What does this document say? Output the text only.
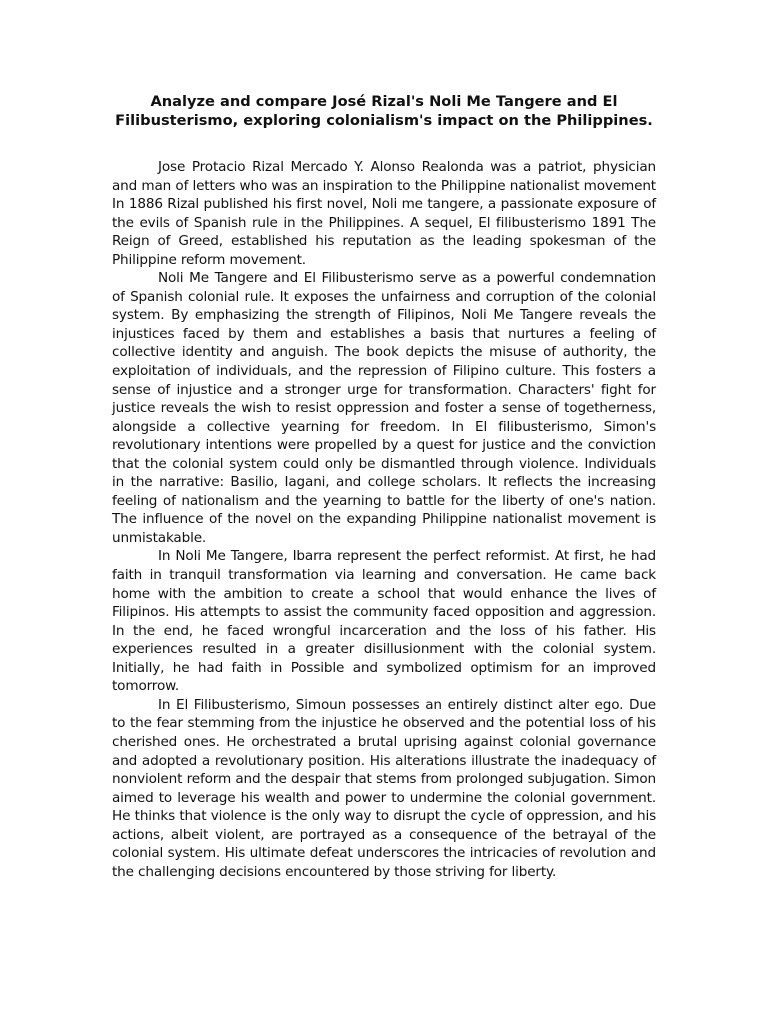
Analyze and compare José Rizal's Noli Me Tangere and El
Filibusterismo, exploring colonialism's impact on the Philippines.

Jose Protacio Rizal Mercado Y. Alonso Realonda was a patriot, physician and man of letters who was an inspiration to the Philippine nationalist movement In 1886 Rizal published his first novel, Noli me tangere, a passionate exposure of the evils of Spanish rule in the Philippines. A sequel, El filibusterismo 1891 The Reign of Greed, established his reputation as the leading spokesman of the Philippine reform movement.

Noli Me Tangere and El Filibusterismo serve as a powerful condemnation of Spanish colonial rule. It exposes the unfairness and corruption of the colonial system. By emphasizing the strength of Filipinos, Noli Me Tangere reveals the injustices faced by them and establishes a basis that nurtures a feeling of collective identity and anguish. The book depicts the misuse of authority, the exploitation of individuals, and the repression of Filipino culture. This fosters a sense of injustice and a stronger urge for transformation. Characters' fight for justice reveals the wish to resist oppression and foster a sense of togetherness, alongside a collective yearning for freedom. In El filibusterismo, Simon's revolutionary intentions were propelled by a quest for justice and the conviction that the colonial system could only be dismantled through violence. Individuals in the narrative: Basilio, Iagani, and college scholars. It reflects the increasing feeling of nationalism and the yearning to battle for the liberty of one's nation. The influence of the novel on the expanding Philippine nationalist movement is unmistakable.

In Noli Me Tangere, Ibarra represent the perfect reformist. At first, he had faith in tranquil transformation via learning and conversation. He came back home with the ambition to create a school that would enhance the lives of Filipinos. His attempts to assist the community faced opposition and aggression. In the end, he faced wrongful incarceration and the loss of his father. His experiences resulted in a greater disillusionment with the colonial system. Initially, he had faith in Possible and symbolized optimism for an improved tomorrow.

In El Filibusterismo, Simoun possesses an entirely distinct alter ego. Due to the fear stemming from the injustice he observed and the potential loss of his cherished ones. He orchestrated a brutal uprising against colonial governance and adopted a revolutionary position. His alterations illustrate the inadequacy of nonviolent reform and the despair that stems from prolonged subjugation. Simon aimed to leverage his wealth and power to undermine the colonial government. He thinks that violence is the only way to disrupt the cycle of oppression, and his actions, albeit violent, are portrayed as a consequence of the betrayal of the colonial system. His ultimate defeat underscores the intricacies of revolution and the challenging decisions encountered by those striving for liberty.
